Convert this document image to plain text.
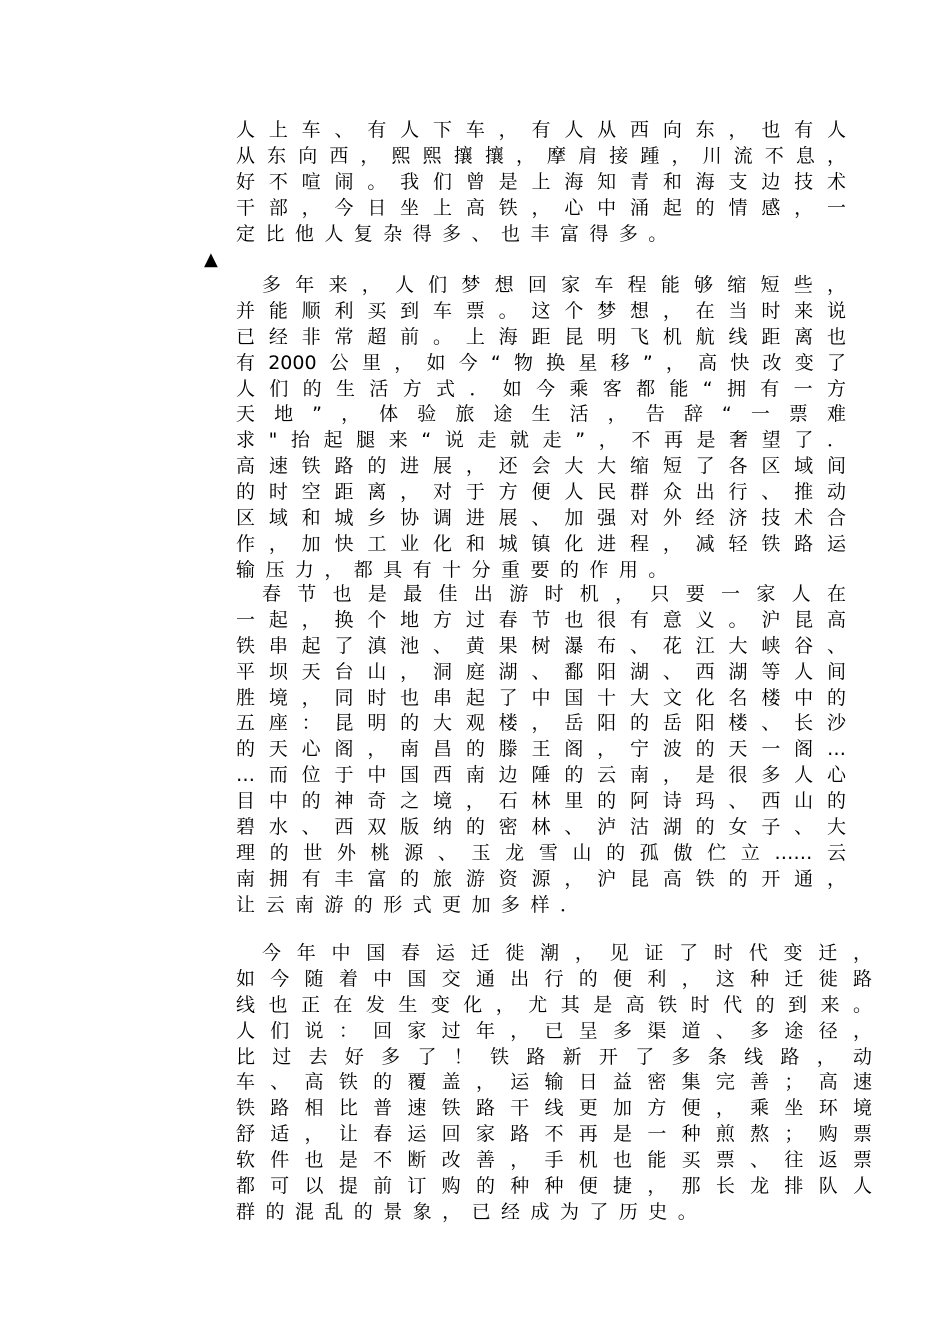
▲
人上车、有人下车，有人从西向东，也有人
从东向西，熙熙攘攘，摩肩接踵，川流不息，
好不喧闹。我们曾是上海知青和海支边技术
干部，今日坐上高铁，心中涌起的情感，一
定比他人复杂得多、也丰富得多。
多年来，人们梦想回家车程能够缩短些，
并能顺利买到车票。这个梦想，在当时来说
已经非常超前。上海距昆明飞机航线距离也
有2000公里，如今“物换星移”，高快改变了
人们的生活方式．如今乘客都能“拥有一方
天地”，体验旅途生活，告辞“一票难
求"抬起腿来“说走就走”，不再是奢望了．
高速铁路的进展，还会大大缩短了各区域间
的时空距离，对于方便人民群众出行、推动
区域和城乡协调进展、加强对外经济技术合
作，加快工业化和城镇化进程，减轻铁路运
输压力，都具有十分重要的作用。
春节也是最佳出游时机，只要一家人在
一起，换个地方过春节也很有意义。沪昆高
铁串起了滇池、黄果树瀑布、花江大峡谷、
平坝天台山，洞庭湖、鄱阳湖、西湖等人间
胜境，同时也串起了中国十大文化名楼中的
五座：昆明的大观楼，岳阳的岳阳楼、长沙
的天心阁，南昌的滕王阁，宁波的天一阁…
…而位于中国西南边陲的云南，是很多人心
目中的神奇之境，石林里的阿诗玛、西山的
碧水、西双版纳的密林、泸沽湖的女子、大
理的世外桃源、玉龙雪山的孤傲伫立……云
南拥有丰富的旅游资源，沪昆高铁的开通，
让云南游的形式更加多样．
今年中国春运迁徙潮，见证了时代变迁，
如今随着中国交通出行的便利，这种迁徙路
线也正在发生变化，尤其是高铁时代的到来。
人们说：回家过年，已呈多渠道、多途径，
比过去好多了！铁路新开了多条线路，动
车、高铁的覆盖，运输日益密集完善；高速
铁路相比普速铁路干线更加方便，乘坐环境
舒适，让春运回家路不再是一种煎熬；购票
软件也是不断改善，手机也能买票、往返票
都可以提前订购的种种便捷，那长龙排队人
群的混乱的景象，已经成为了历史。
